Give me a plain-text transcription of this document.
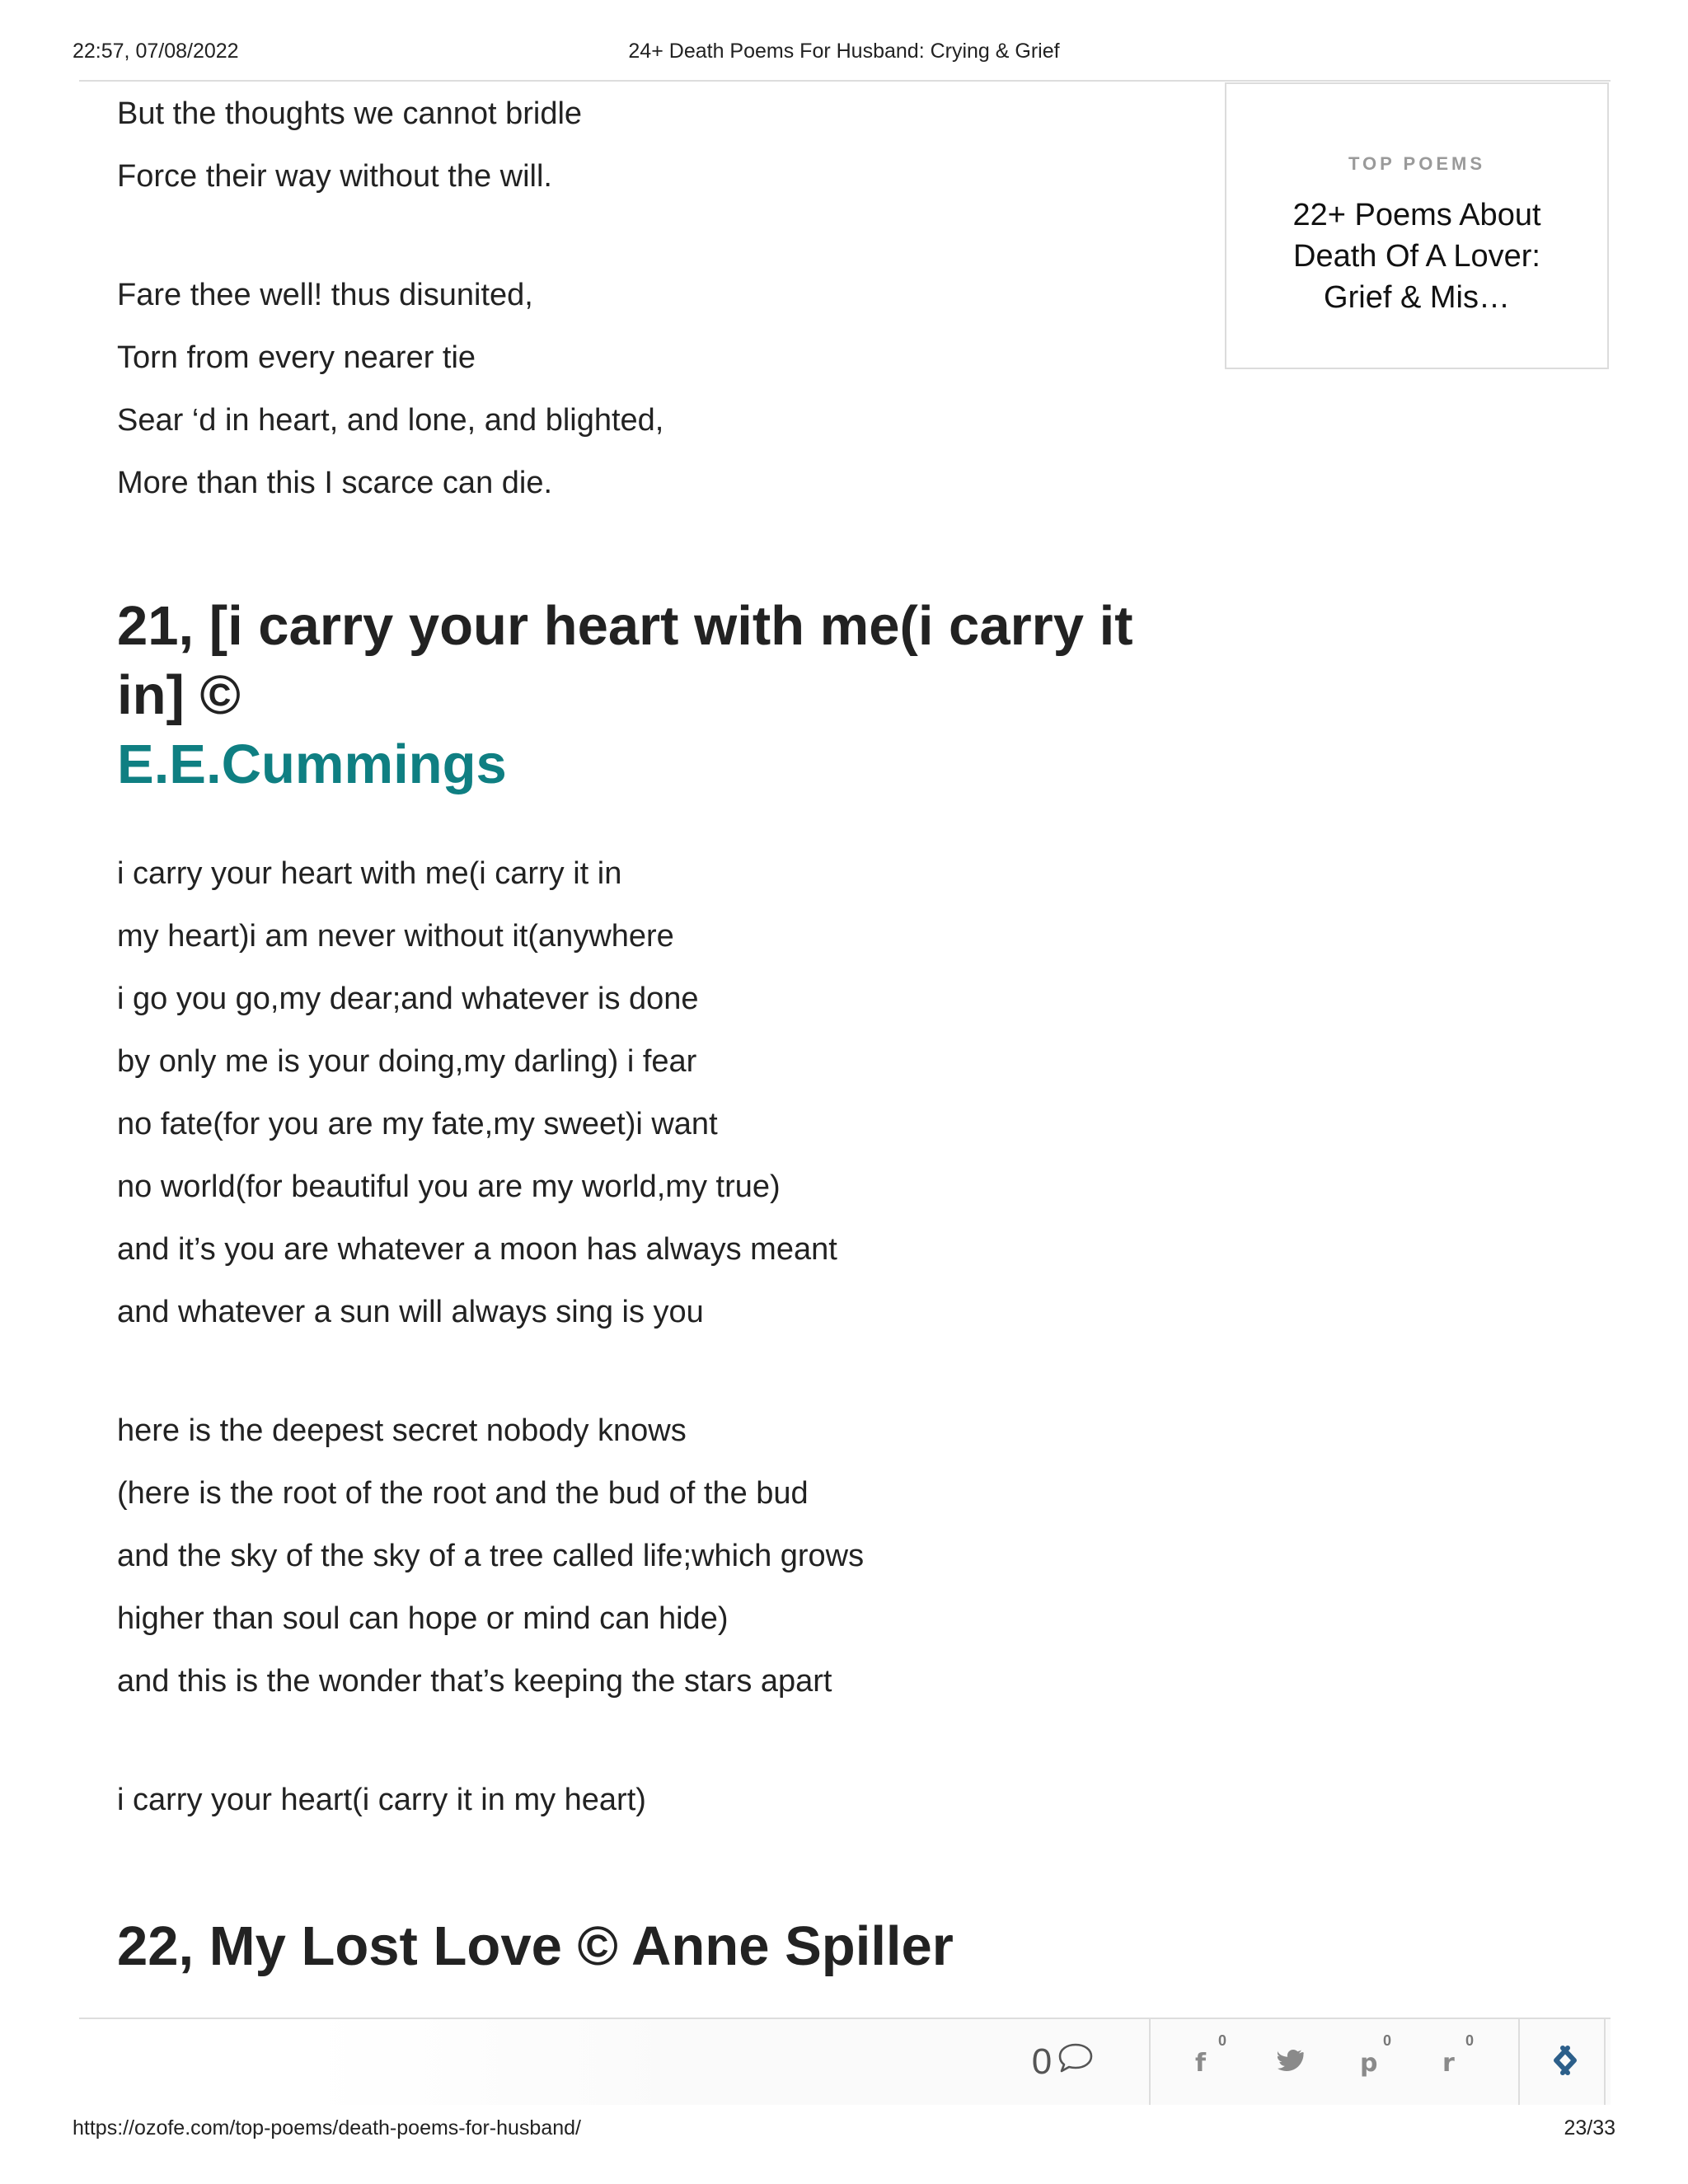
22:57, 07/08/2022	24+ Death Poems For Husband: Crying & Grief
But the thoughts we cannot bridle
Force their way without the will.
Fare thee well! thus disunited,
Torn from every nearer tie
Sear ‘d in heart, and lone, and blighted,
More than this I scarce can die.
21, [i carry your heart with me(i carry it in] ©
E.E.Cummings
i carry your heart with me(i carry it in
my heart)i am never without it(anywhere
i go you go,my dear;and whatever is done
by only me is your doing,my darling) i fear
no fate(for you are my fate,my sweet)i want
no world(for beautiful you are my world,my true)
and it’s you are whatever a moon has always meant
and whatever a sun will always sing is you
here is the deepest secret nobody knows
(here is the root of the root and the bud of the bud
and the sky of the sky of a tree called life;which grows
higher than soul can hope or mind can hide)
and this is the wonder that’s keeping the stars apart
i carry your heart(i carry it in my heart)
22, My Lost Love © Anne Spiller
TOP POEMS
22+ Poems About Death Of A Lover: Grief & Mis…
0	f
0
p
0
r
0
https://ozofe.com/top-poems/death-poems-for-husband/	23/33
